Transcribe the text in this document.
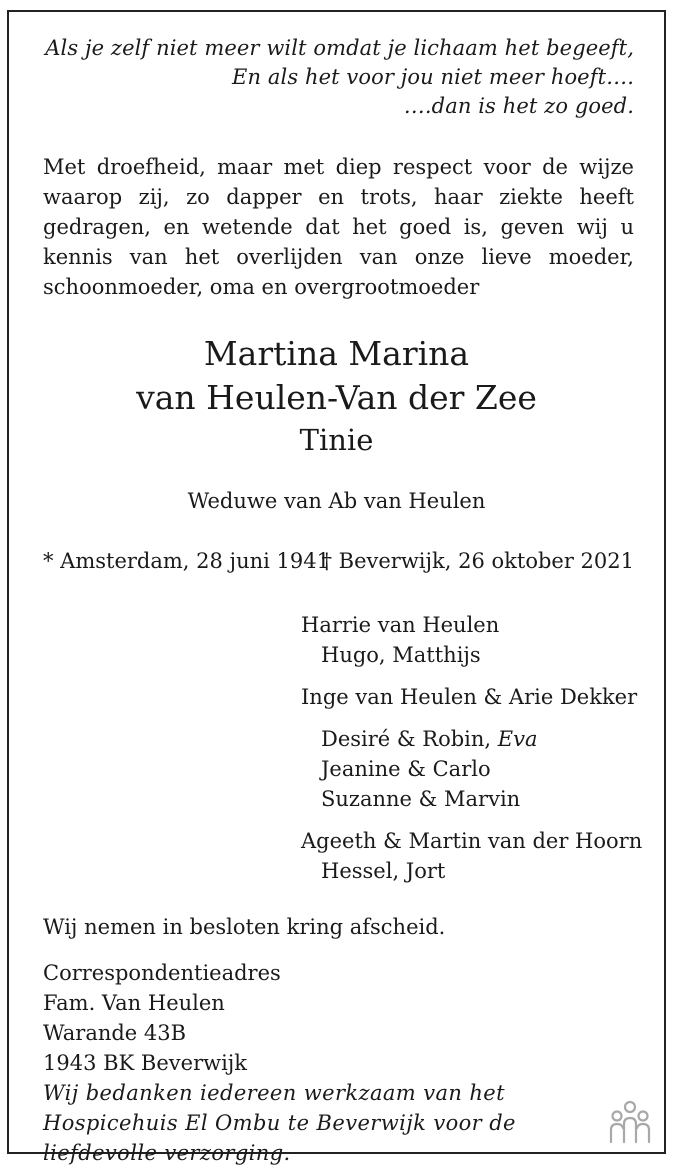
Als je zelf niet meer wilt omdat je lichaam het begeeft,
En als het voor jou niet meer hoeft….
….dan is het zo goed.
Met droefheid, maar met diep respect voor de wijze waarop zij, zo dapper en trots, haar ziekte heeft gedragen, en wetende dat het goed is, geven wij u kennis van het overlijden van onze lieve moeder, schoonmoeder, oma en overgrootmoeder
Martina Marina
van Heulen-Van der Zee
Tinie
Weduwe van Ab van Heulen
* Amsterdam, 28 juni 1941
† Beverwijk, 26 oktober 2021
Harrie van Heulen
Hugo, Matthijs
Inge van Heulen & Arie Dekker
Desiré & Robin, Eva
Jeanine & Carlo
Suzanne & Marvin
Ageeth & Martin van der Hoorn
Hessel, Jort
Wij nemen in besloten kring afscheid.
Correspondentieadres
Fam. Van Heulen
Warande 43B
1943 BK Beverwijk
Wij bedanken iedereen werkzaam van het Hospicehuis El Ombu te Beverwijk voor de liefdevolle verzorging.
